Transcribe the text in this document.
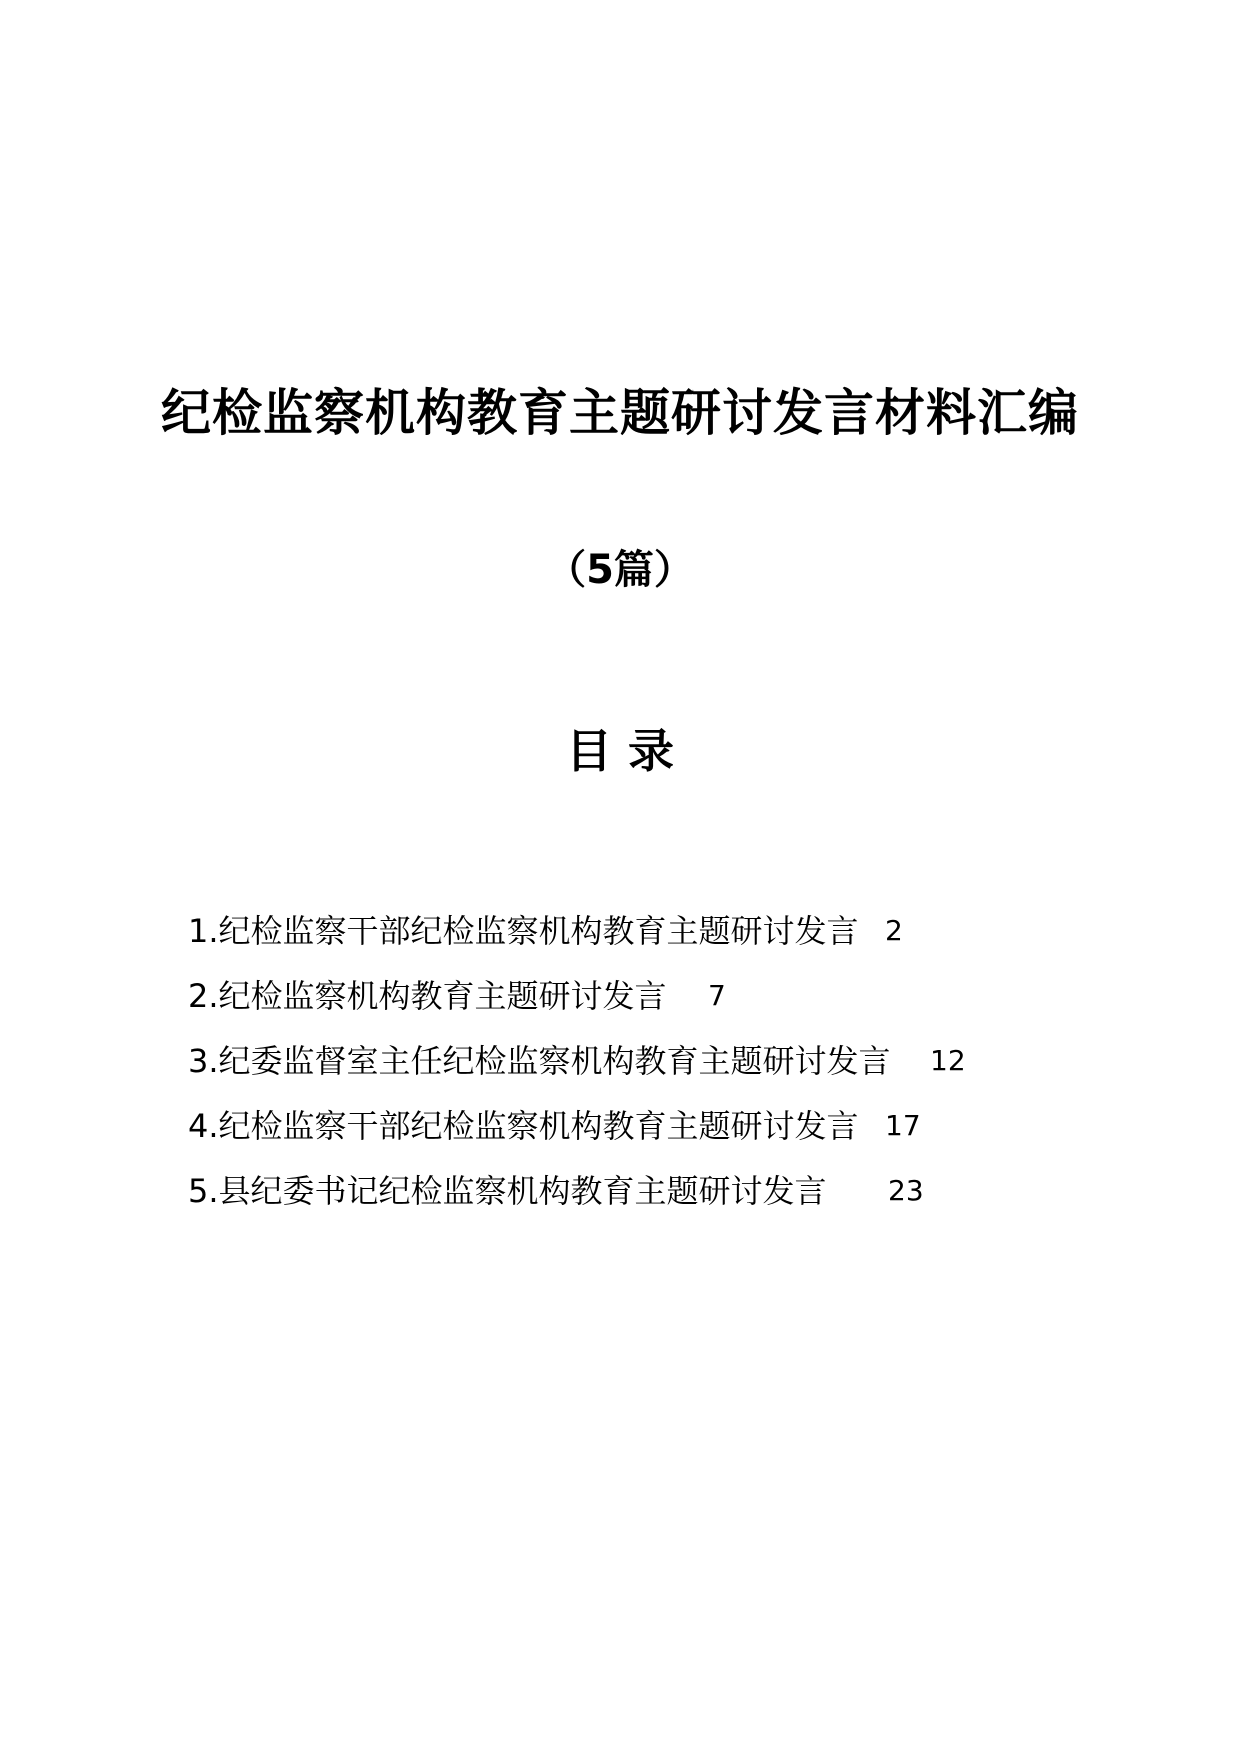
纪检监察机构教育主题研讨发言材料汇编
（5篇）
目 录
1.纪检监察干部纪检监察机构教育主题研讨发言 2
2.纪检监察机构教育主题研讨发言 7
3.纪委监督室主任纪检监察机构教育主题研讨发言 12
4.纪检监察干部纪检监察机构教育主题研讨发言 17
5.县纪委书记纪检监察机构教育主题研讨发言 23
